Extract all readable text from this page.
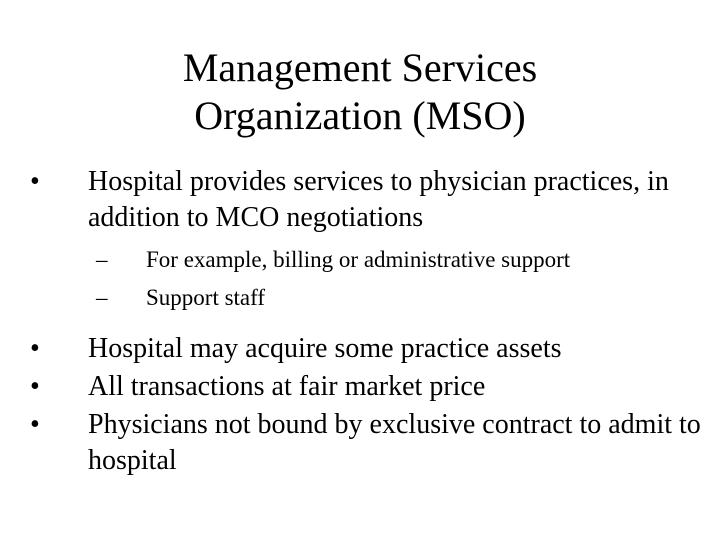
Management Services
Organization (MSO)
•	Hospital provides services to physician practices, in addition to MCO negotiations
– For example, billing or administrative support
– Support staff
•	Hospital may acquire some practice assets
•	All transactions at fair market price
•	Physicians not bound by exclusive contract to admit to hospital
